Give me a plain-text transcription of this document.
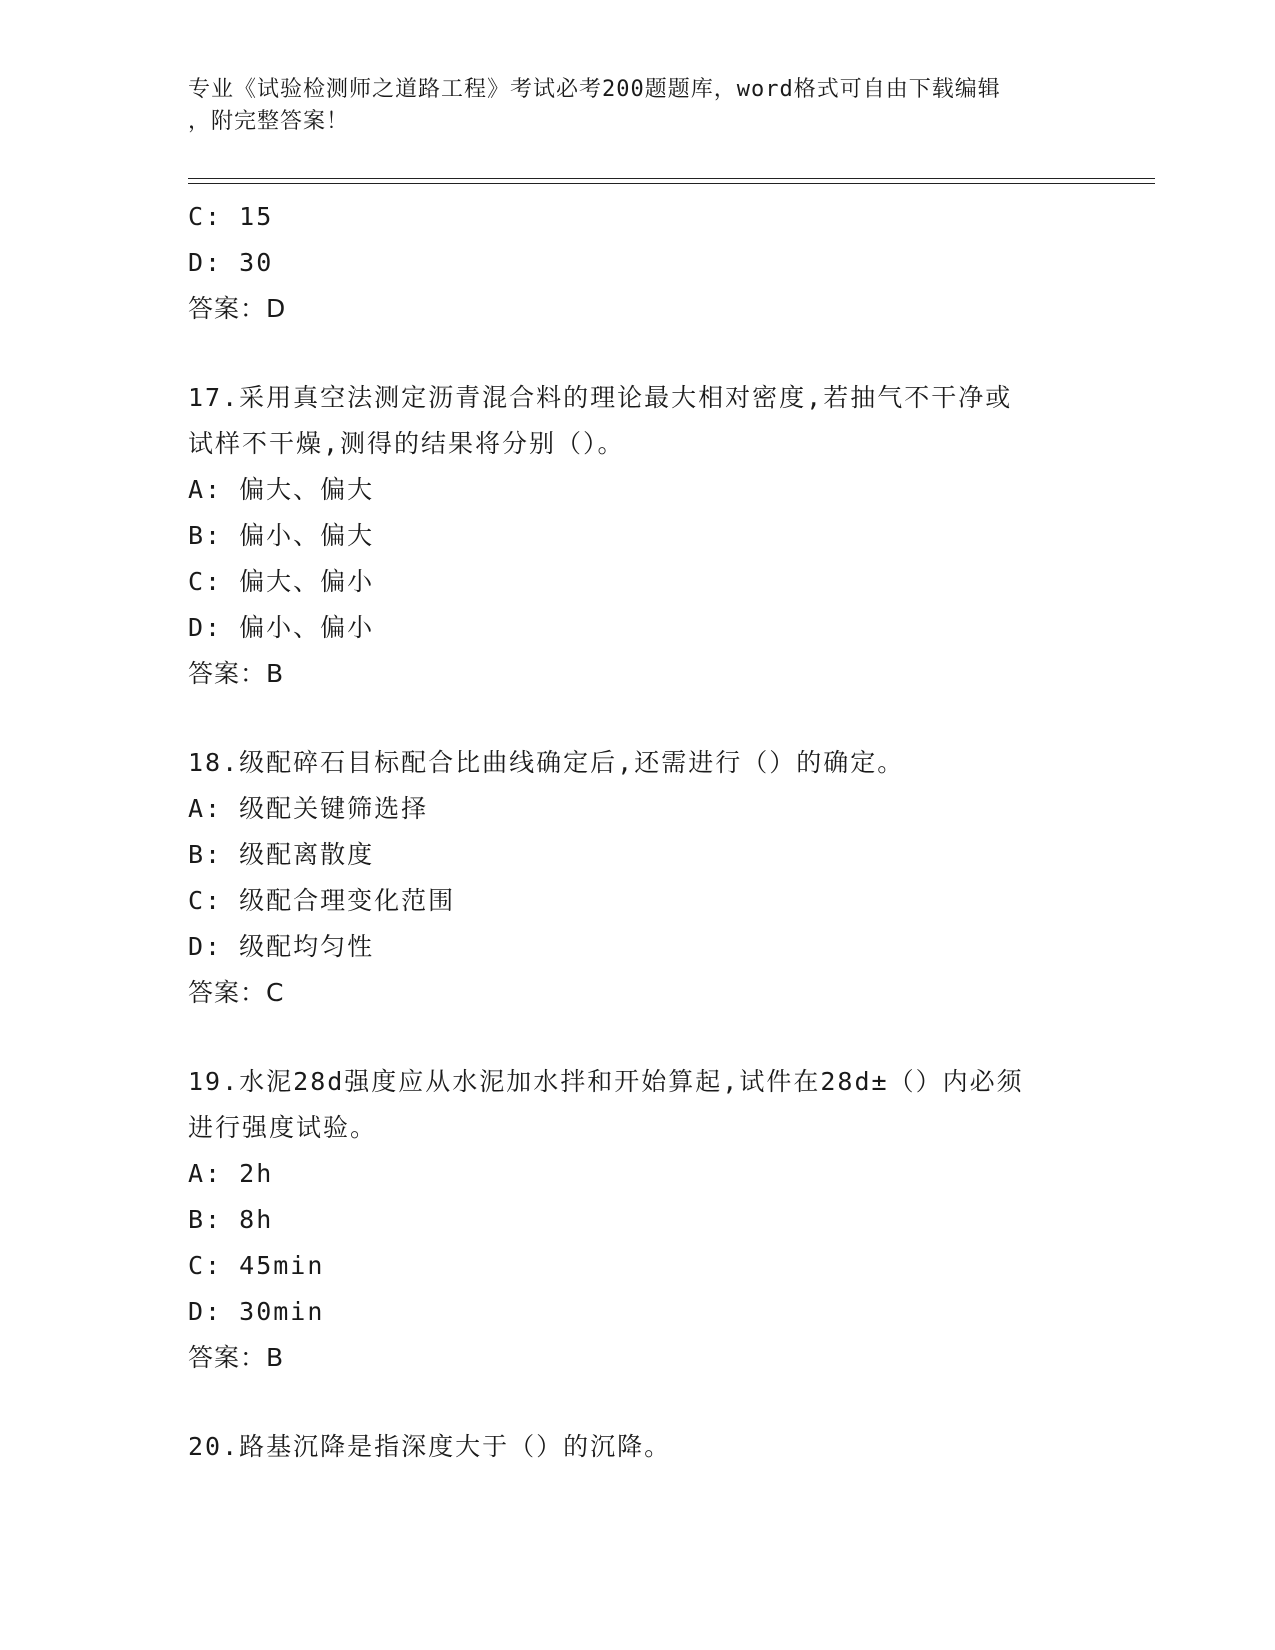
专业《试验检测师之道路工程》考试必考200题题库，word格式可自由下载编辑
，附完整答案！
C: 15
D: 30
答案：D
17.采用真空法测定沥青混合料的理论最大相对密度,若抽气不干净或
试样不干燥,测得的结果将分别（）。
A: 偏大、偏大
B: 偏小、偏大
C: 偏大、偏小
D: 偏小、偏小
答案：B
18.级配碎石目标配合比曲线确定后,还需进行（）的确定。
A: 级配关键筛选择
B: 级配离散度
C: 级配合理变化范围
D: 级配均匀性
答案：C
19.水泥28d强度应从水泥加水拌和开始算起,试件在28d±（）内必须
进行强度试验。
A: 2h
B: 8h
C: 45min
D: 30min
答案：B
20.路基沉降是指深度大于（）的沉降。
